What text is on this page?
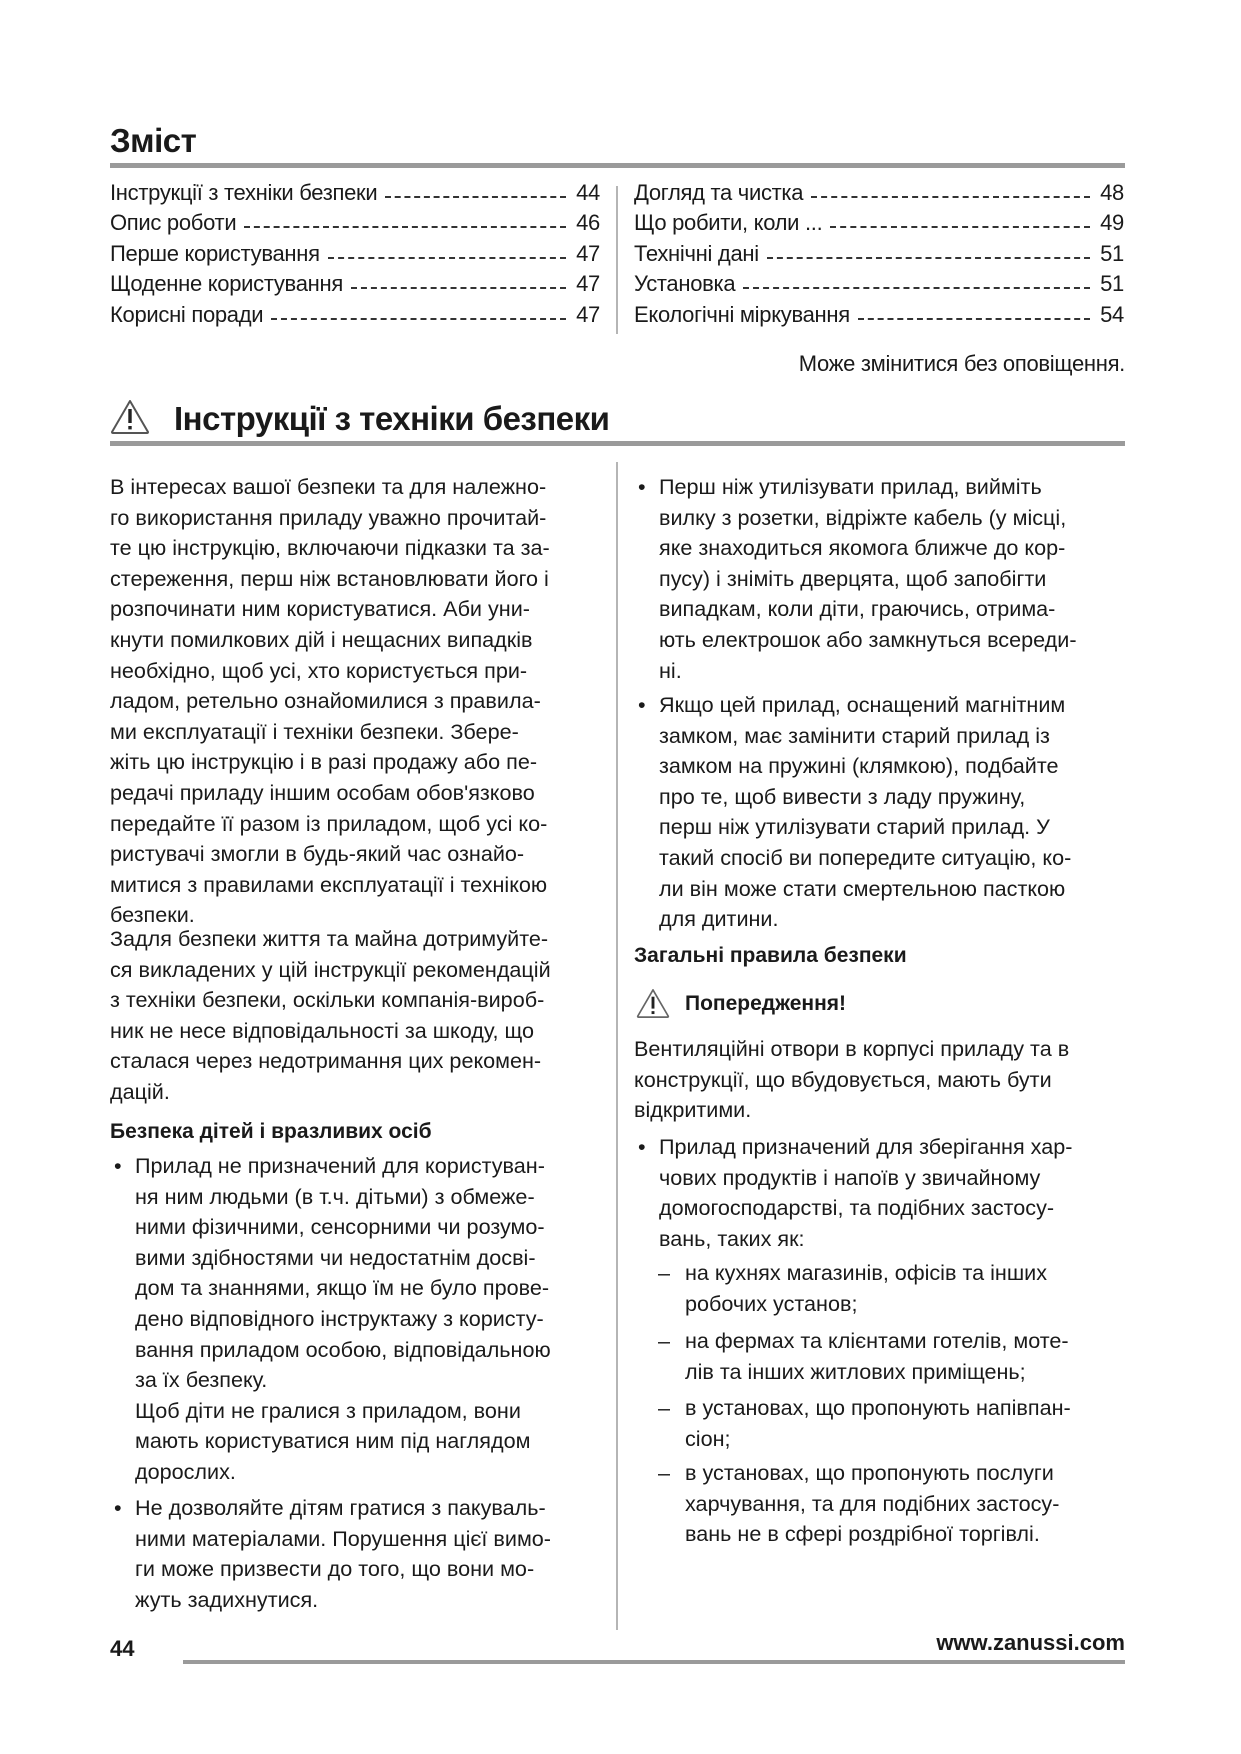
Зміст
Інструкції з техніки безпеки	44
Опис роботи	46
Перше користування	47
Щоденне користування	47
Корисні поради	47
Догляд та чистка	48
Що робити, коли ...	49
Технічні дані	51
Установка	51
Екологічні міркування	54
Може змінитися без оповіщення.
Інструкції з техніки безпеки
В інтересах вашої безпеки та для належно-
го використання приладу уважно прочитай-
те цю інструкцію, включаючи підказки та за-
стереження, перш ніж встановлювати його і
розпочинати ним користуватися. Аби уни-
кнути помилкових дій і нещасних випадків
необхідно, щоб усі, хто користується при-
ладом, ретельно ознайомилися з правила-
ми експлуатації і техніки безпеки. Збере-
жіть цю інструкцію і в разі продажу або пе-
редачі приладу іншим особам обов'язково
передайте її разом із приладом, щоб усі ко-
ристувачі змогли в будь-який час ознайо-
митися з правилами експлуатації і технікою
безпеки.
Задля безпеки життя та майна дотримуйте-
ся викладених у цій інструкції рекомендацій
з техніки безпеки, оскільки компанія-вироб-
ник не несе відповідальності за шкоду, що
сталася через недотримання цих рекомен-
дацій.
Безпека дітей і вразливих осіб
• Прилад не призначений для користуван-
ня ним людьми (в т.ч. дітьми) з обмеже-
ними фізичними, сенсорними чи розумо-
вими здібностями чи недостатнім досві-
дом та знаннями, якщо їм не було прове-
дено відповідного інструктажу з користу-
вання приладом особою, відповідальною
за їх безпеку.
Щоб діти не гралися з приладом, вони
мають користуватися ним під наглядом
дорослих.
• Не дозволяйте дітям гратися з пакуваль-
ними матеріалами. Порушення цієї вимо-
ги може призвести до того, що вони мо-
жуть задихнутися.
• Перш ніж утилізувати прилад, вийміть
вилку з розетки, відріжте кабель (у місці,
яке знаходиться якомога ближче до кор-
пусу) і зніміть дверцята, щоб запобігти
випадкам, коли діти, граючись, отрима-
ють електрошок або замкнуться всереди-
ні.
• Якщо цей прилад, оснащений магнітним
замком, має замінити старий прилад із
замком на пружині (клямкою), подбайте
про те, щоб вивести з ладу пружину,
перш ніж утилізувати старий прилад. У
такий спосіб ви попередите ситуацію, ко-
ли він може стати смертельною пасткою
для дитини.
Загальні правила безпеки
Попередження!
Вентиляційні отвори в корпусі приладу та в
конструкції, що вбудовується, мають бути
відкритими.
• Прилад призначений для зберігання хар-
чових продуктів і напоїв у звичайному
домогосподарстві, та подібних застосу-
вань, таких як:
– на кухнях магазинів, офісів та інших
робочих установ;
– на фермах та клієнтами готелів, моте-
лів та інших житлових приміщень;
– в установах, що пропонують напівпан-
сіон;
– в установах, що пропонують послуги
харчування, та для подібних застосу-
вань не в сфері роздрібної торгівлі.
44	www.zanussi.com
